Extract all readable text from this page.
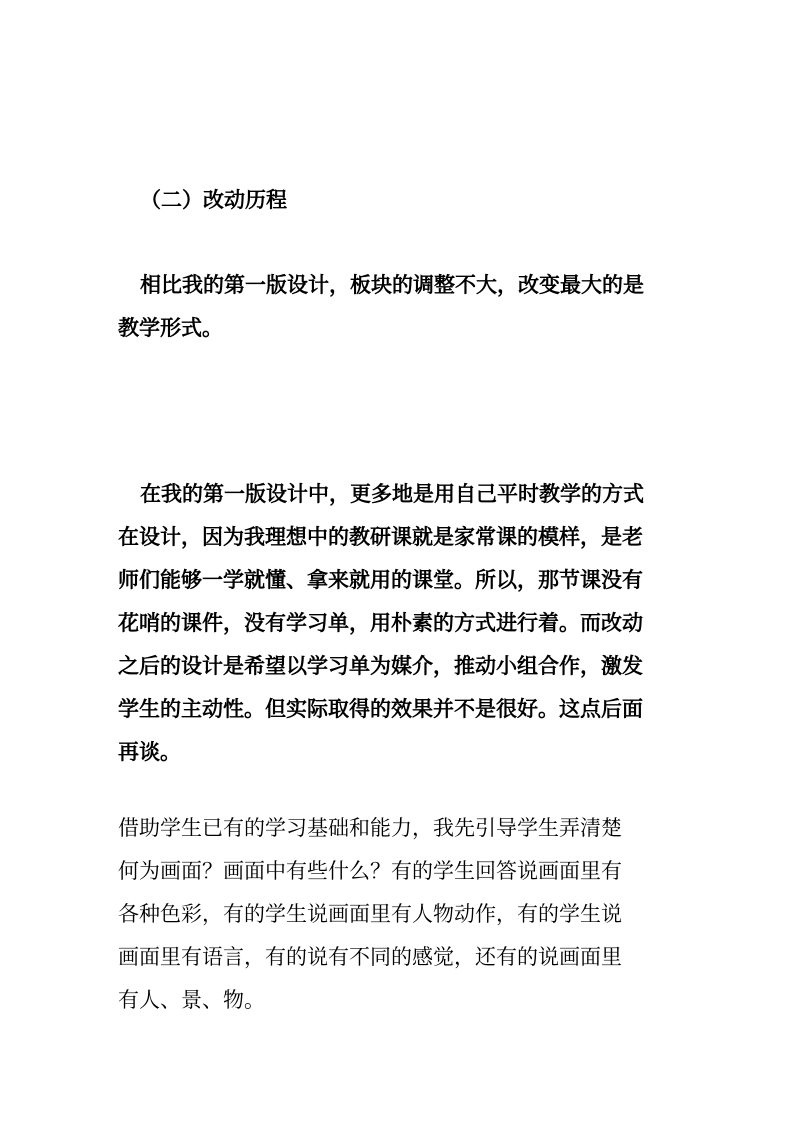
（二）改动历程
相比我的第一版设计，板块的调整不大，改变最大的是
教学形式。
在我的第一版设计中，更多地是用自己平时教学的方式
在设计，因为我理想中的教研课就是家常课的模样，是老
师们能够一学就懂、拿来就用的课堂。所以，那节课没有
花哨的课件，没有学习单，用朴素的方式进行着。而改动
之后的设计是希望以学习单为媒介，推动小组合作，激发
学生的主动性。但实际取得的效果并不是很好。这点后面
再谈。
借助学生已有的学习基础和能力，我先引导学生弄清楚
何为画面？画面中有些什么？有的学生回答说画面里有
各种色彩，有的学生说画面里有人物动作，有的学生说
画面里有语言，有的说有不同的感觉，还有的说画面里
有人、景、物。
